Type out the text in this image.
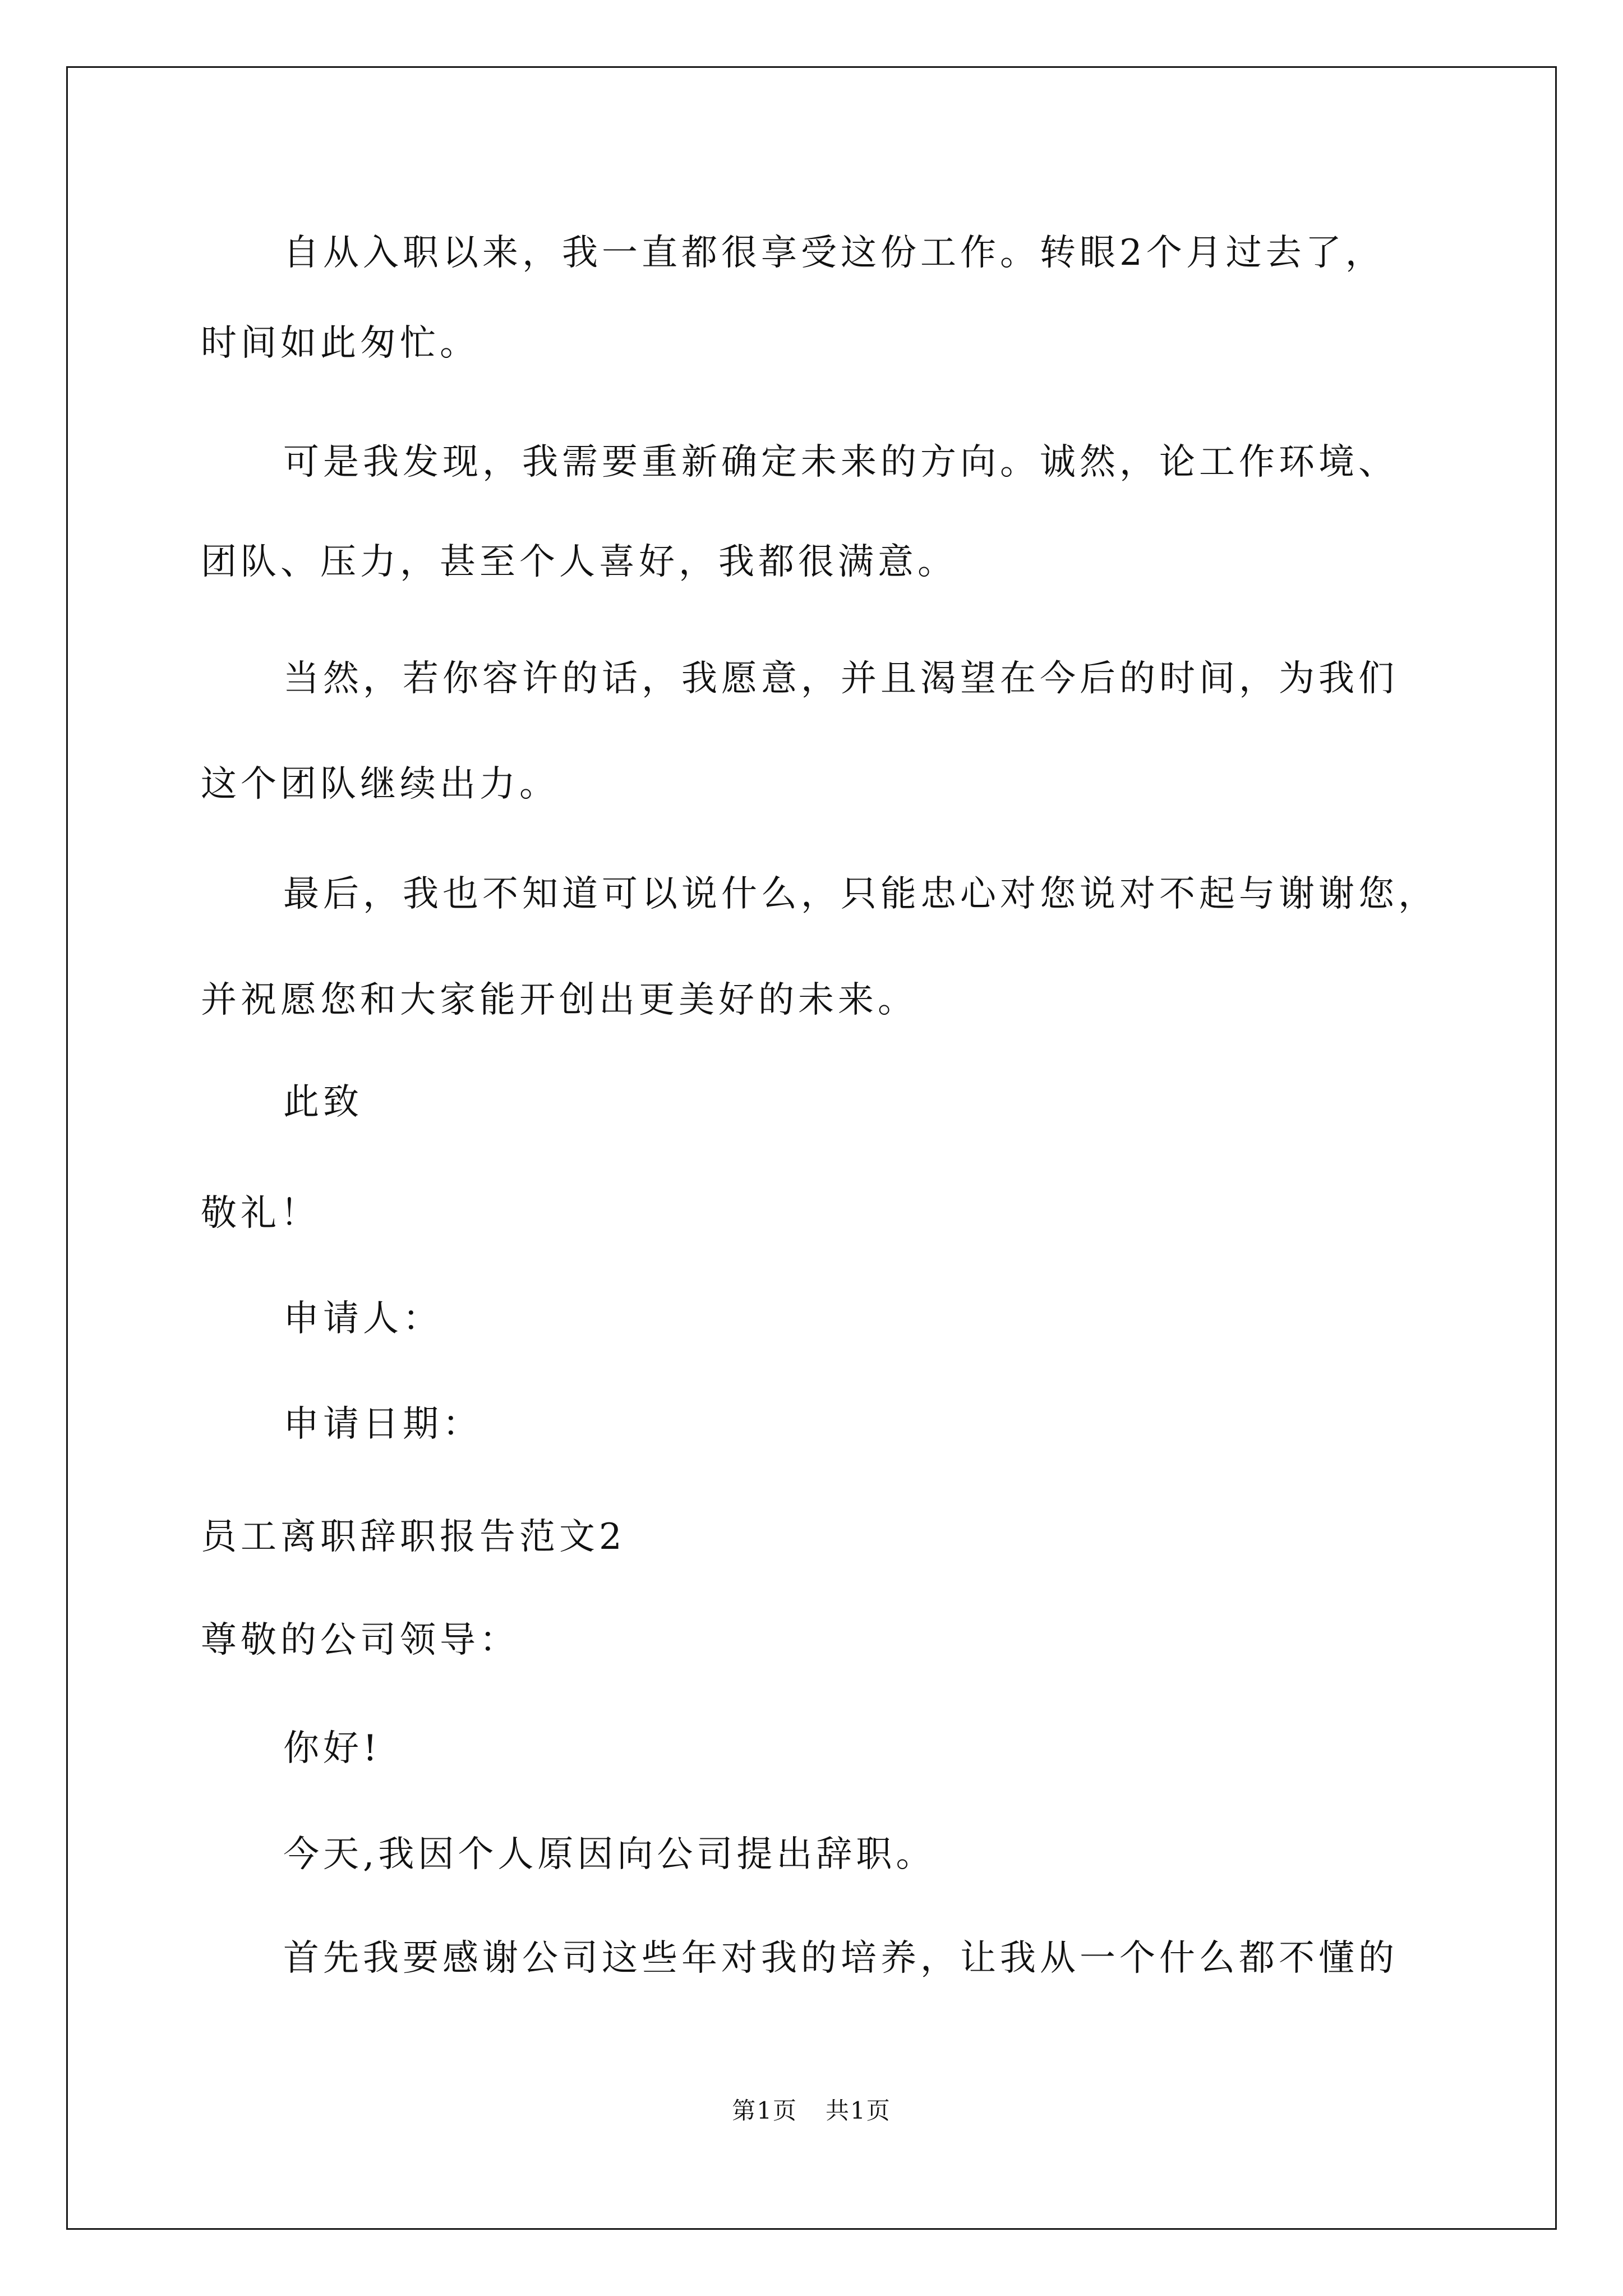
自从入职以来，我一直都很享受这份工作。转眼2个月过去了，
时间如此匆忙。
可是我发现，我需要重新确定未来的方向。诚然，论工作环境、
团队、压力，甚至个人喜好，我都很满意。
当然，若你容许的话，我愿意，并且渴望在今后的时间，为我们
这个团队继续出力。
最后，我也不知道可以说什么，只能忠心对您说对不起与谢谢您，
并祝愿您和大家能开创出更美好的未来。
此致
敬礼！
申请人：
申请日期：
员工离职辞职报告范文2
尊敬的公司领导：
你好!
今天,我因个人原因向公司提出辞职。
首先我要感谢公司这些年对我的培养，让我从一个什么都不懂的
第1页 共1页
